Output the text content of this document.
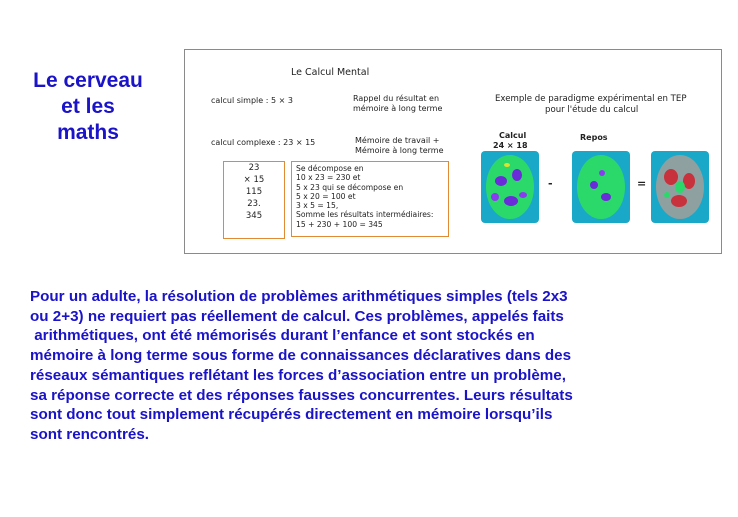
Le cerveau
et les
maths
Le Calcul Mental
calcul simple : 5 × 3	Rappel du résultat en
mémoire à long terme
calcul complexe : 23 × 15	Mémoire de travail +
Mémoire à long terme
23
× 15
115
23.
345
Se décompose en
10 x 23 = 230 et
5 x 23 qui se décompose en
5 x 20 = 100 et
3 x 5 = 15,
Somme les résultats intermédiaires:
15 + 230 + 100 = 345
Exemple de paradigme expérimental en TEP
pour l'étude du calcul
Calcul
24 × 18
Repos
-	=
Pour un adulte, la résolution de problèmes arithmétiques simples (tels 2x3
ou 2+3) ne requiert pas réellement de calcul. Ces problèmes, appelés faits
arithmétiques, ont été mémorisés durant l’enfance et sont stockés en
mémoire à long terme sous forme de connaissances déclaratives dans des
réseaux sémantiques reflétant les forces d’association entre un problème,
sa réponse correcte et des réponses fausses concurrentes. Leurs résultats
sont donc tout simplement récupérés directement en mémoire lorsqu’ils
sont rencontrés.
